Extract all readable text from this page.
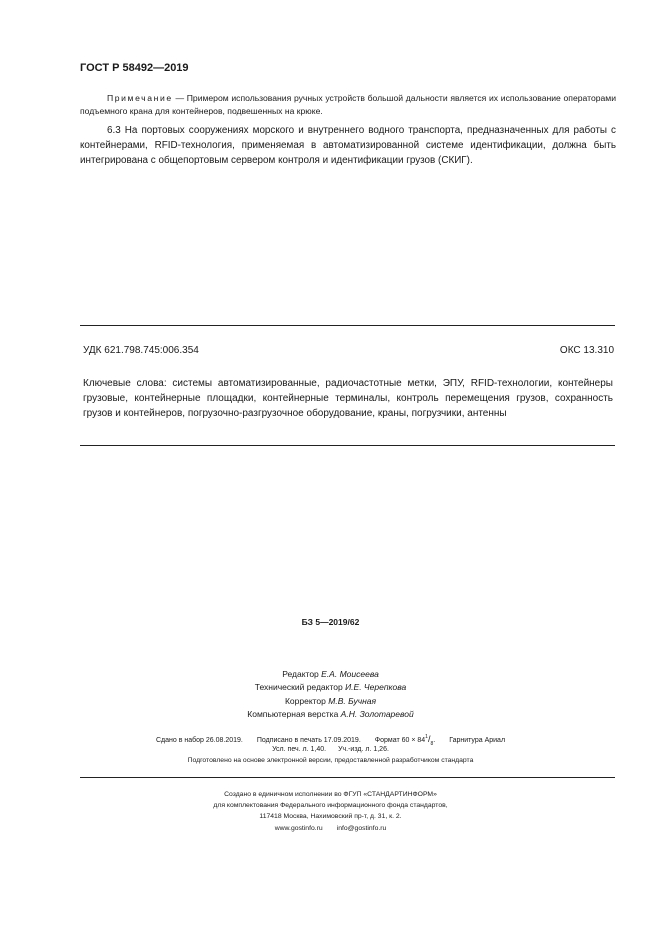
ГОСТ Р 58492—2019
Примечание — Примером использования ручных устройств большой дальности является их использование операторами подъемного крана для контейнеров, подвешенных на крюке.
6.3 На портовых сооружениях морского и внутреннего водного транспорта, предназначенных для работы с контейнерами, RFID-технология, применяемая в автоматизированной системе идентификации, должна быть интегрирована с общепортовым сервером контроля и идентификации грузов (СКИГ).
УДК 621.798.745:006.354	ОКС 13.310
Ключевые слова: системы автоматизированные, радиочастотные метки, ЭПУ, RFID-технологии, контейнеры грузовые, контейнерные площадки, контейнерные терминалы, контроль перемещения грузов, сохранность грузов и контейнеров, погрузочно-разгрузочное оборудование, краны, погрузчики, антенны
БЗ 5—2019/62
Редактор Е.А. Моисеева
Технический редактор И.Е. Черепкова
Корректор М.В. Бучная
Компьютерная верстка А.Н. Золотаревой
Сдано в набор 26.08.2019. Подписано в печать 17.09.2019. Формат $60 \times 84^1/_8$. Гарнитура Ариал
Усл. печ. л. 1,40. Уч.-изд. л. 1,26.
Подготовлено на основе электронной версии, предоставленной разработчиком стандарта
Создано в единичном исполнении во ФГУП «СТАНДАРТИНФОРМ»
для комплектования Федерального информационного фонда стандартов,
117418 Москва, Нахимовский пр-т, д. 31, к. 2.
www.gostinfo.ru info@gostinfo.ru
